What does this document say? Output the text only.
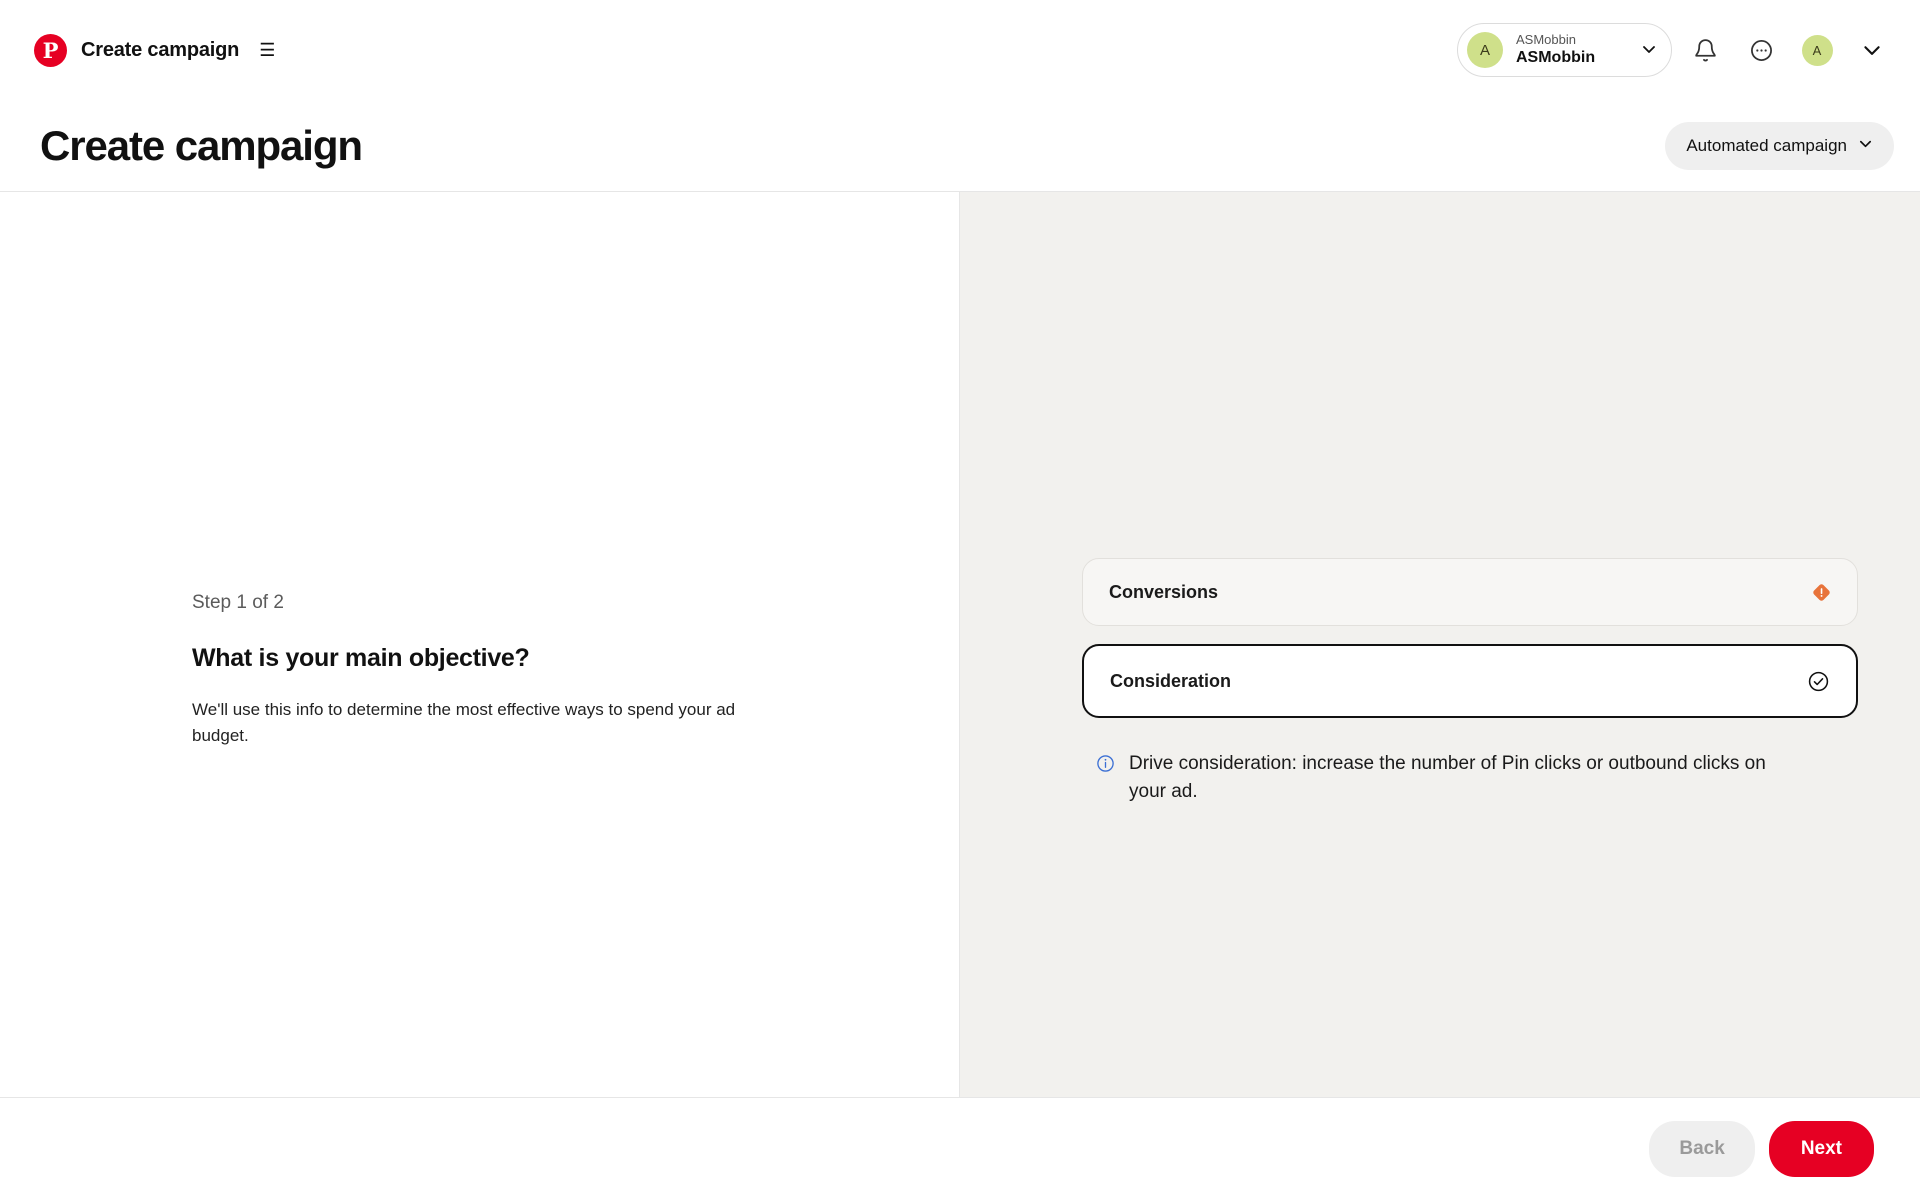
P	Create campaign ☰	A
ASMobbin
ASMobbin	A
Create campaign	Automated campaign
Step 1 of 2
What is your main objective?
We'll use this info to determine the most effective ways to spend your ad budget.
Conversions
Consideration
Drive consideration: increase the number of Pin clicks or outbound clicks on your ad.
Back	Next
